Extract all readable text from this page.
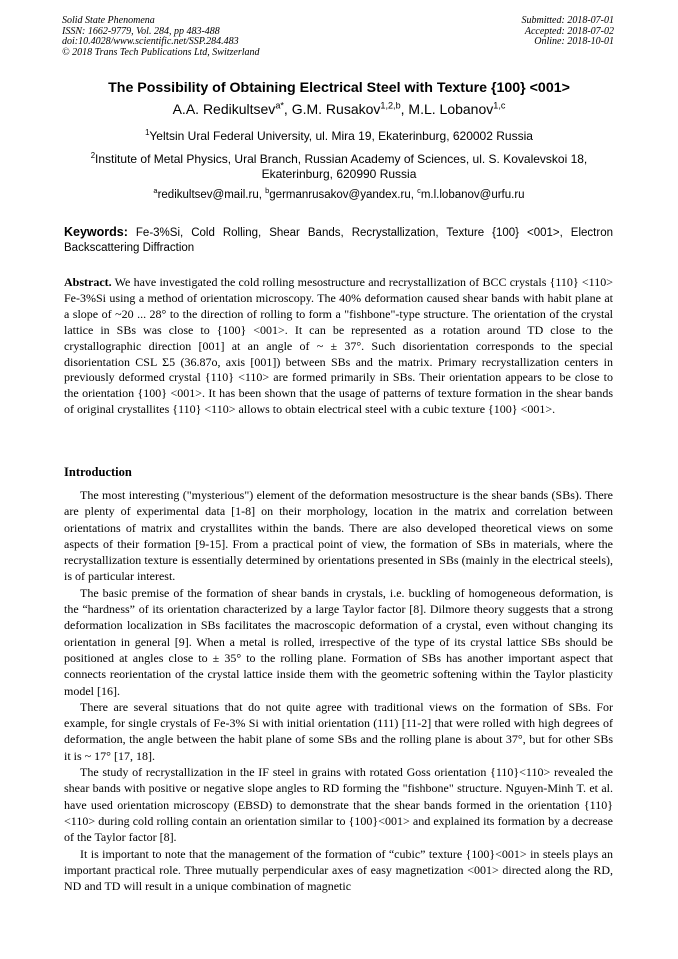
Solid State Phenomena
ISSN: 1662-9779, Vol. 284, pp 483-488
doi:10.4028/www.scientific.net/SSP.284.483
© 2018 Trans Tech Publications Ltd, Switzerland
Submitted: 2018-07-01
Accepted: 2018-07-02
Online: 2018-10-01
The Possibility of Obtaining Electrical Steel with Texture {100} <001>
A.A. Redikultsev$^{a*}$, G.M. Rusakov$^{1,2,b}$, M.L. Lobanov$^{1,c}$
$^1$Yeltsin Ural Federal University, ul. Mira 19, Ekaterinburg, 620002 Russia
$^2$Institute of Metal Physics, Ural Branch, Russian Academy of Sciences, ul. S. Kovalevskoi 18, Ekaterinburg, 620990 Russia
$^a$redikultsev@mail.ru, $^b$germanrusakov@yandex.ru, $^c$m.l.lobanov@urfu.ru
Keywords: Fe-3%Si, Cold Rolling, Shear Bands, Recrystallization, Texture {100} <001>, Electron Backscattering Diffraction
Abstract. We have investigated the cold rolling mesostructure and recrystallization of BCC crystals {110} <110> Fe-3%Si using a method of orientation microscopy. The 40% deformation caused shear bands with habit plane at a slope of ~20 ... 28° to the direction of rolling to form a "fishbone"-type structure. The orientation of the crystal lattice in SBs was close to {100} <001>. It can be represented as a rotation around TD close to the crystallographic direction [001] at an angle of ~ ± 37°. Such disorientation corresponds to the special disorientation CSL Σ5 (36.87o, axis [001]) between SBs and the matrix. Primary recrystallization centers in previously deformed crystal {110} <110> are formed primarily in SBs. Their orientation appears to be close to the orientation {100} <001>. It has been shown that the usage of patterns of texture formation in the shear bands of original crystallites {110} <110> allows to obtain electrical steel with a cubic texture {100} <001>.
Introduction

The most interesting ("mysterious") element of the deformation mesostructure is the shear bands (SBs). There are plenty of experimental data [1-8] on their morphology, location in the matrix and correlation between orientations of matrix and crystallites within the bands. There are also developed theoretical views on some aspects of their formation [9-15]. From a practical point of view, the formation of SBs in materials, where the recrystallization texture is essentially determined by orientations presented in SBs (mainly in the electrical steels), is of particular interest.

The basic premise of the formation of shear bands in crystals, i.e. buckling of homogeneous deformation, is the “hardness” of its orientation characterized by a large Taylor factor [8]. Dilmore theory suggests that a strong deformation localization in SBs facilitates the macroscopic deformation of a crystal, even without changing its orientation in general [9]. When a metal is rolled, irrespective of the type of its crystal lattice SBs should be positioned at angles close to ± 35° to the rolling plane. Formation of SBs has another important aspect that connects reorientation of the crystal lattice inside them with the geometric softening within the Taylor plasticity model [16].

There are several situations that do not quite agree with traditional views on the formation of SBs. For example, for single crystals of Fe-3% Si with initial orientation (111) [11-2] that were rolled with high degrees of deformation, the angle between the habit plane of some SBs and the rolling plane is about 37°, but for other SBs it is ~ 17° [17, 18].

The study of recrystallization in the IF steel in grains with rotated Goss orientation {110}<110> revealed the shear bands with positive or negative slope angles to RD forming the "fishbone" structure. Nguyen-Minh T. et al. have used orientation microscopy (EBSD) to demonstrate that the shear bands formed in the orientation {110}<110> during cold rolling contain an orientation similar to {100}<001> and explained its formation by a decrease of the Taylor factor [8].

It is important to note that the management of the formation of “cubic” texture {100}<001> in steels plays an important practical role. Three mutually perpendicular axes of easy magnetization <001> directed along the RD, ND and TD will result in a unique combination of magnetic
